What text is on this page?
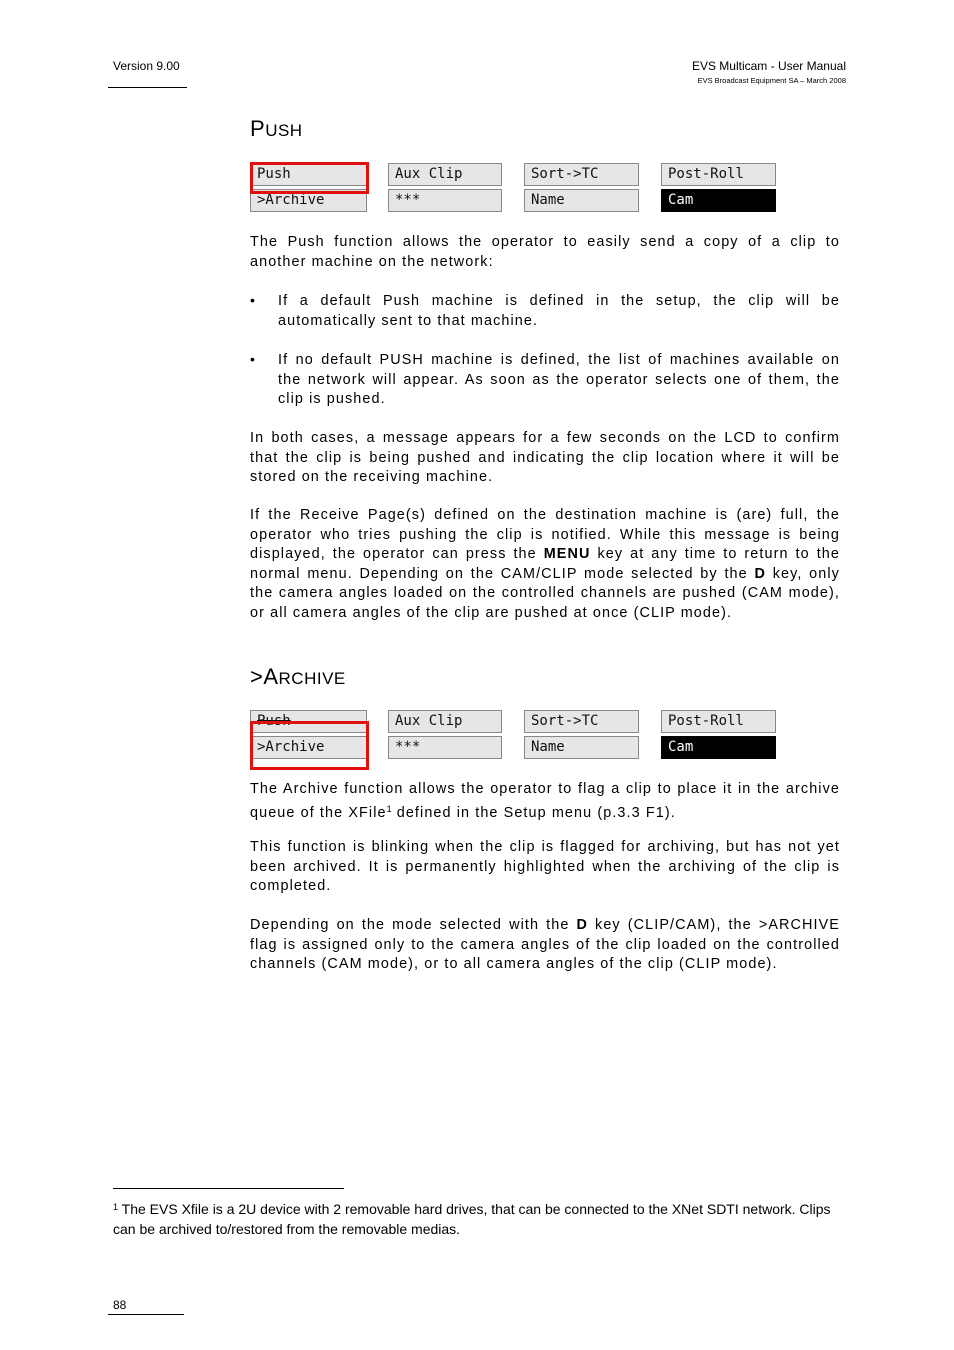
Version 9.00	EVS Multicam - User Manual
EVS Broadcast Equipment SA – March 2008
PUSH
Push	Aux Clip	Sort->TC	Post-Roll
>Archive	***	Name	Cam

The Push function allows the operator to easily send a copy of a clip to another machine on the network:

• If a default Push machine is defined in the setup, the clip will be automatically sent to that machine.

• If no default PUSH machine is defined, the list of machines available on the network will appear. As soon as the operator selects one of them, the clip is pushed.

In both cases, a message appears for a few seconds on the LCD to confirm that the clip is being pushed and indicating the clip location where it will be stored on the receiving machine.

If the Receive Page(s) defined on the destination machine is (are) full, the operator who tries pushing the clip is notified. While this message is being displayed, the operator can press the MENU key at any time to return to the normal menu. Depending on the CAM/CLIP mode selected by the D key, only the camera angles loaded on the controlled channels are pushed (CAM mode), or all camera angles of the clip are pushed at once (CLIP mode).

>ARCHIVE
Push	Aux Clip	Sort->TC	Post-Roll
>Archive	***	Name	Cam

The Archive function allows the operator to flag a clip to place it in the archive queue of the XFile$^1$ defined in the Setup menu (p.3.3 F1).

This function is blinking when the clip is flagged for archiving, but has not yet been archived. It is permanently highlighted when the archiving of the clip is completed.

Depending on the mode selected with the D key (CLIP/CAM), the >ARCHIVE flag is assigned only to the camera angles of the clip loaded on the controlled channels (CAM mode), or to all camera angles of the clip (CLIP mode).

$^1$ The EVS Xfile is a 2U device with 2 removable hard drives, that can be connected to the XNet SDTI network. Clips can be archived to/restored from the removable medias.
88
